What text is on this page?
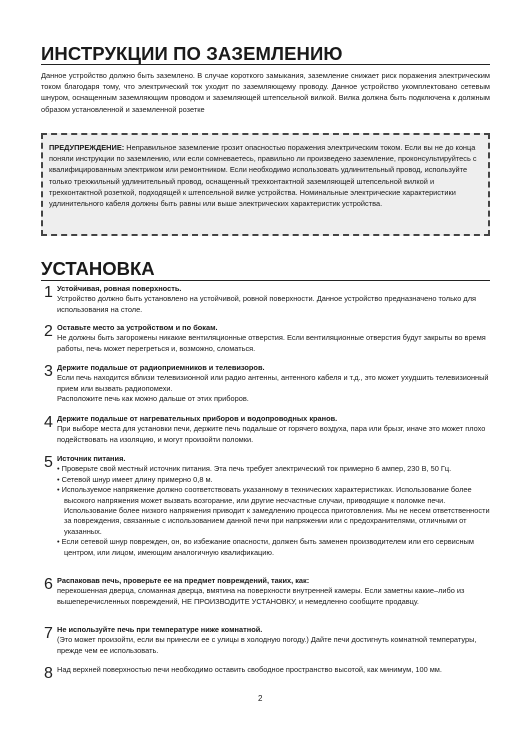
ИНСТРУКЦИИ ПО ЗАЗЕМЛЕНИЮ

Данное устройство должно быть заземлено. В случае короткого замыкания, заземление снижает риск поражения электрическим током благодаря тому, что электрический ток уходит по заземляющему проводу. Данное устройство укомплектовано сетевым шнуром, оснащенным заземляющим проводом и заземляющей штепсельной вилкой. Вилка должна быть подключена к должным образом установленной и заземленной розетке

ПРЕДУПРЕЖДЕНИЕ: Неправильное заземление грозит опасностью поражения электрическим током. Если вы не до конца поняли инструкции по заземлению, или если сомневаетесь, правильно ли произведено заземление, проконсультируйтесь с квалифицированным электриком или ремонтником. Если необходимо использовать удлинительный провод, используйте только трехжильный удлинительный провод, оснащенный трехконтактной заземляющей штепсельной вилкой и трехконтактной розеткой, подходящей к штепсельной вилке устройства. Номинальные электрические характеристики удлинительного кабеля должны быть равны или выше электрических характеристик устройства.

УСТАНОВКА
1 Устойчивая, ровная поверхность.

Устройство должно быть установлено на устойчивой, ровной поверхности. Данное устройство предназначено только для использования на столе.

2 Оставьте место за устройством и по бокам.

Не должны быть загорожены никакие вентиляционные отверстия. Если вентиляционные отверстия будут закрыты во время работы, печь может перегреться и, возможно, сломаться.

3 Держите подальше от радиоприемников и телевизоров.

Если печь находится вблизи телевизионной или радио антенны, антенного кабеля и т.д., это может ухудшить телевизионный прием или вызвать радиопомехи.

Расположите печь как можно дальше от этих приборов.

4 Держите подальше от нагревательных приборов и водопроводных кранов.

При выборе места для установки печи, держите печь подальше от горячего воздуха, пара или брызг, иначе это может плохо подействовать на изоляцию, и могут произойти поломки.

5 Источник питания.
• Проверьте свой местный источник питания. Эта печь требует электрический ток примерно 6 ампер, 230 В, 50 Гц.
• Сетевой шнур имеет длину примерно 0,8 м.
• Используемое напряжение должно соответствовать указанному в технических характеристиках. Использование более высокого напряжения может вызвать возгорание, или другие несчастные случаи, приводящие к поломке печи. Использование более низкого напряжения приводит к замедлению процесса приготовления. Мы не несем ответственности за повреждения, связанные с использованием данной печи при напряжении или с предохранителями, отличными от указанных.
• Если сетевой шнур поврежден, он, во избежание опасности, должен быть заменен производителем или его сервисным центром, или лицом, имеющим аналогичную квалификацию.
6 Распаковав печь, проверьте ее на предмет повреждений, таких, как:

перекошенная дверца, сломанная дверца, вмятина на поверхности внутренней камеры. Если заметны какие–либо из вышеперечисленных повреждений, НЕ ПРОИЗВОДИТЕ УСТАНОВКУ, и немедленно сообщите продавцу.

7 Не используйте печь при температуре ниже комнатной.

(Это может произойти, если вы принесли ее с улицы в холодную погоду.) Дайте печи достигнуть комнатной температуры, прежде чем ее использовать.

8 Над верхней поверхностью печи необходимо оставить свободное пространство высотой, как минимум, 100 мм.

2
